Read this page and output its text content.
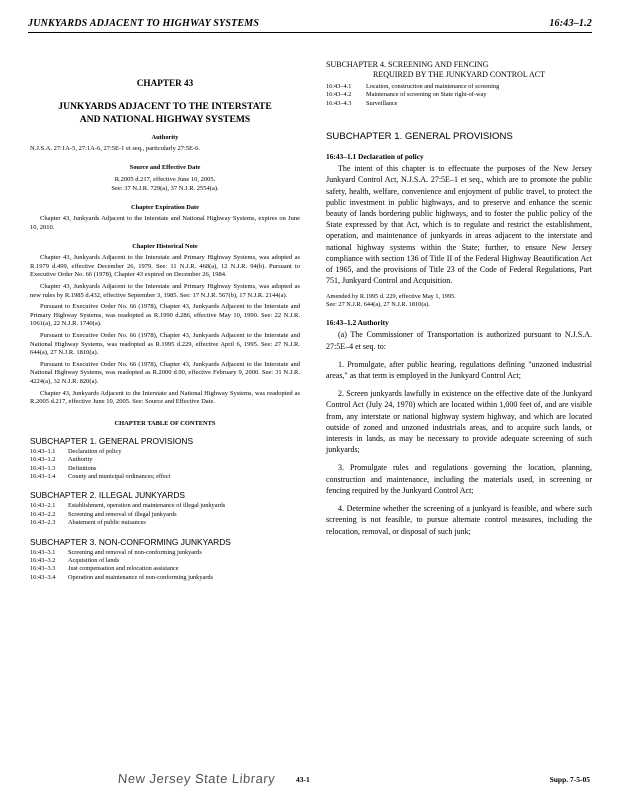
JUNKYARDS ADJACENT TO HIGHWAY SYSTEMS	16:43–1.2
CHAPTER 43
JUNKYARDS ADJACENT TO THE INTERSTATE
AND NATIONAL HIGHWAY SYSTEMS
Authority
N.J.S.A. 27:1A-5, 27:1A-6, 27:5E-1 et seq., particularly 27:5E-6.
Source and Effective Date
R.2005 d.217, effective June 10, 2005.
See: 37 N.J.R. 729(a), 37 N.J.R. 2554(a).
Chapter Expiration Date
Chapter 43, Junkyards Adjacent to the Interstate and National Highway Systems, expires on June 10, 2010.
Chapter Historical Note
Chapter 43, Junkyards Adjacent to the Interstate and Primary Highway Systems, was adopted as R.1979 d.499, effective December 26, 1979. See: 11 N.J.R. 468(a), 12 N.J.R. 94(b). Pursuant to Executive Order No. 66 (1978), Chapter 43 expired on December 26, 1984.
Chapter 43, Junkyards Adjacent to the Interstate and Primary Highway Systems, was adopted as new rules by R.1985 d.432, effective September 3, 1985. See: 17 N.J.R. 567(b), 17 N.J.R. 2144(a).
Pursuant to Executive Order No. 66 (1978), Chapter 43, Junkyards Adjacent to the Interstate and Primary Highway Systems, was readopted as R.1990 d.286, effective May 10, 1990. See: 22 N.J.R. 1061(a), 22 N.J.R. 1740(a).
Pursuant to Executive Order No. 66 (1978), Chapter 43, Junkyards Adjacent to the Interstate and National Highway Systems, was readopted as R.1995 d.229, effective April 6, 1995. See: 27 N.J.R. 644(a), 27 N.J.R. 1810(a).
Pursuant to Executive Order No. 66 (1978), Chapter 43, Junkyards Adjacent to the Interstate and National Highway Systems, was readopted as R.2000 d.90, effective February 9, 2000. See: 31 N.J.R. 4224(a), 32 N.J.R. 820(a).
Chapter 43, Junkyards Adjacent to the Interstate and National Highway Systems, was readopted as R.2005 d.217, effective June 10, 2005. See: Source and Effective Date.
CHAPTER TABLE OF CONTENTS
SUBCHAPTER 1. GENERAL PROVISIONS
16:43–1.1	Declaration of policy
16:43–1.2	Authority
16:43–1.3	Definitions
16:43–1.4	County and municipal ordinances; effect
SUBCHAPTER 2. ILLEGAL JUNKYARDS
16:43–2.1	Establishment, operation and maintenance of illegal junkyards
16:43–2.2	Screening and removal of illegal junkyards
16:43–2.3	Abatement of public nuisances
SUBCHAPTER 3. NON-CONFORMING JUNKYARDS
16:43–3.1	Screening and removal of non-conforming junkyards
16:43–3.2	Acquisition of lands
16:43–3.3	Just compensation and relocation assistance
16:43–3.4	Operation and maintenance of non-conforming junkyards
SUBCHAPTER 4. SCREENING AND FENCING
REQUIRED BY THE JUNKYARD CONTROL ACT
16:43–4.1	Location, construction and maintenance of screening
16:43–4.2	Maintenance of screening on State right-of-way
16:43–4.3	Surveillance
SUBCHAPTER 1. GENERAL PROVISIONS
16:43–1.1 Declaration of policy
The intent of this chapter is to effectuate the purposes of the New Jersey Junkyard Control Act, N.J.S.A. 27:5E–1 et seq., which are to promote the public safety, health, welfare, convenience and enjoyment of public travel, to protect the public investment in public highways, and to preserve and enhance the scenic beauty of lands bordering public highways, and to foster the public policy of the State expressed by that Act, which is to regulate and restrict the establishment, operation, and maintenance of junkyards in areas adjacent to the interstate and national highway systems within the State; further, to ensure New Jersey compliance with section 136 of Title II of the Federal Highway Beautification Act of 1965, and the provisions of Title 23 of the Code of Federal Regulations, Part 751, Junkyard Control and Acquisition.
Amended by R.1995 d. 229, effective May 1, 1995.
See: 27 N.J.R. 644(a), 27 N.J.R. 1810(a).
16:43–1.2 Authority
(a) The Commissioner of Transportation is authorized pursuant to N.J.S.A. 27:5E–4 et seq. to:
1. Promulgate, after public hearing, regulations defining "unzoned industrial areas," as that term is employed in the Junkyard Control Act;
2. Screen junkyards lawfully in existence on the effective date of the Junkyard Control Act (July 24, 1970) which are located within 1,000 feet of, and are visible from, any interstate or national highway system highway, and which are located outside of zoned and unzoned industrials areas, and to acquire such lands, or interests in lands, as may be necessary to provide adequate screening of such junkyards;
3. Promulgate rules and regulations governing the location, planning, construction and maintenance, including the materials used, in screening or fencing required by the Junkyard Control Act;
4. Determine whether the screening of a junkyard is feasible, and where such screening is not feasible, to pursue alternate control measures, including the relocation, removal, or disposal of such junk;
New Jersey State Library	43-1	Supp. 7-5-05
